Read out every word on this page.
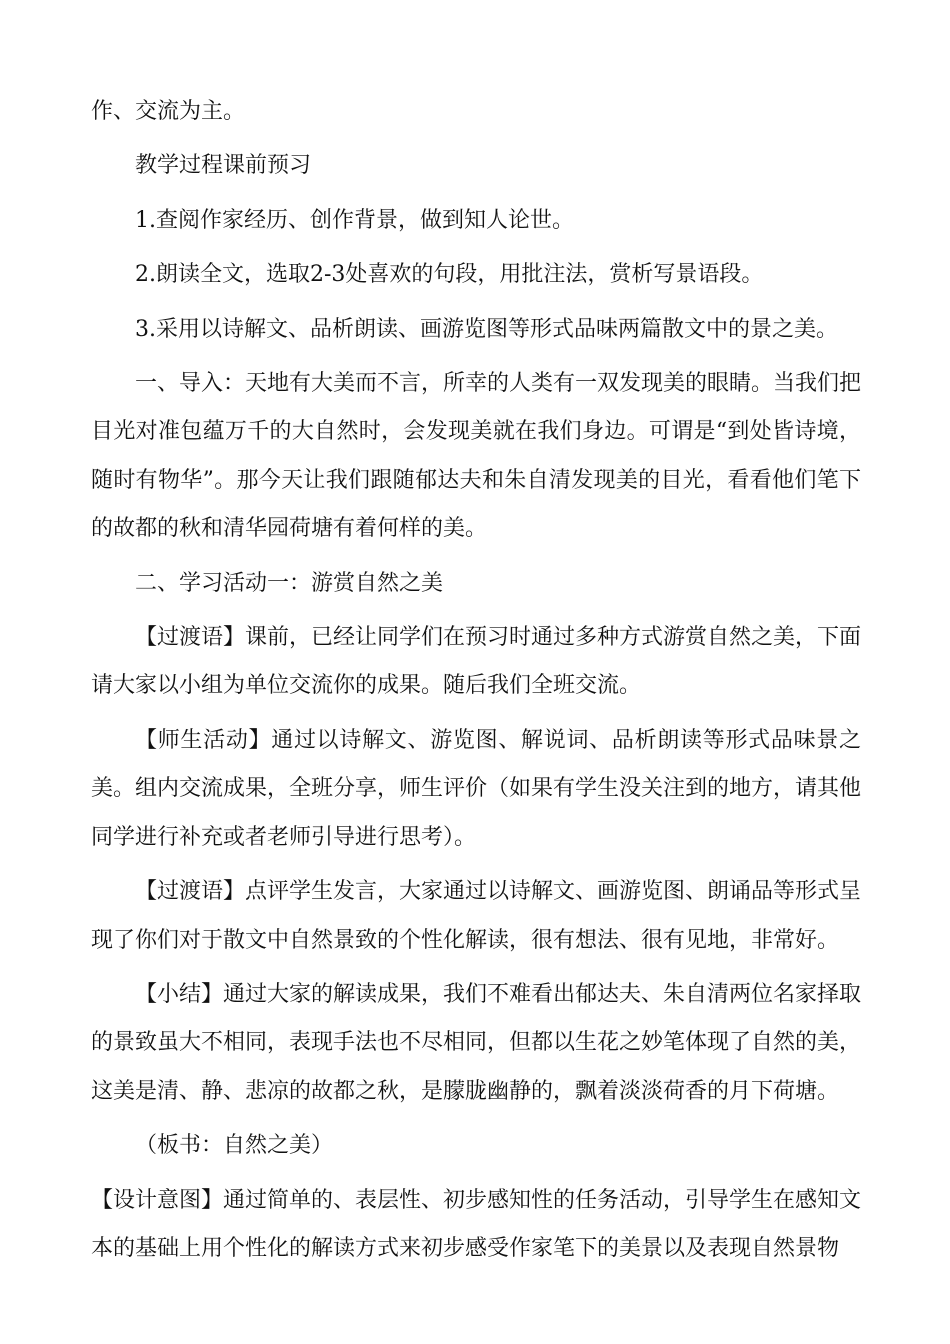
作、交流为主。

教学过程课前预习

1.查阅作家经历、创作背景，做到知人论世。

2.朗读全文，选取2-3处喜欢的句段，用批注法，赏析写景语段。

3.采用以诗解文、品析朗读、画游览图等形式品味两篇散文中的景之美。

一、导入：天地有大美而不言，所幸的人类有一双发现美的眼睛。当我们把目光对准包蕴万千的大自然时，会发现美就在我们身边。可谓是“到处皆诗境，随时有物华”。那今天让我们跟随郁达夫和朱自清发现美的目光，看看他们笔下的故都的秋和清华园荷塘有着何样的美。

二、学习活动一：游赏自然之美

【过渡语】课前，已经让同学们在预习时通过多种方式游赏自然之美，下面请大家以小组为单位交流你的成果。随后我们全班交流。

【师生活动】通过以诗解文、游览图、解说词、品析朗读等形式品味景之美。组内交流成果，全班分享，师生评价（如果有学生没关注到的地方，请其他同学进行补充或者老师引导进行思考）。

【过渡语】点评学生发言，大家通过以诗解文、画游览图、朗诵品等形式呈现了你们对于散文中自然景致的个性化解读，很有想法、很有见地，非常好。

【小结】通过大家的解读成果，我们不难看出郁达夫、朱自清两位名家择取的景致虽大不相同，表现手法也不尽相同，但都以生花之妙笔体现了自然的美，这美是清、静、悲凉的故都之秋，是朦胧幽静的，飘着淡淡荷香的月下荷塘。

（板书：自然之美）

【设计意图】通过简单的、表层性、初步感知性的任务活动，引导学生在感知文本的基础上用个性化的解读方式来初步感受作家笔下的美景以及表现自然景物
